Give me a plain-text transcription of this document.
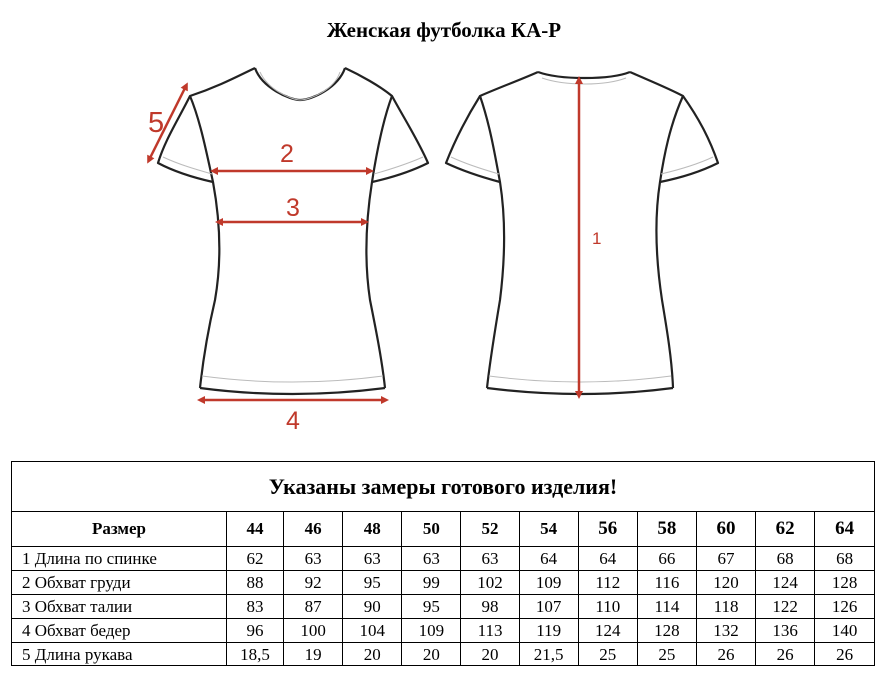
Женская футболка КА-Р
1
2
3
4
5
Указаны замеры готового изделия!
Размер	44	46	48	50	52	54	56	58	60	62	64
1 Длина по спинке	62	63	63	63	63	64	64	66	67	68	68
2 Обхват груди	88	92	95	99	102	109	112	116	120	124	128
3 Обхват талии	83	87	90	95	98	107	110	114	118	122	126
4 Обхват бедер	96	100	104	109	113	119	124	128	132	136	140
5 Длина рукава	18,5	19	20	20	20	21,5	25	25	26	26	26
